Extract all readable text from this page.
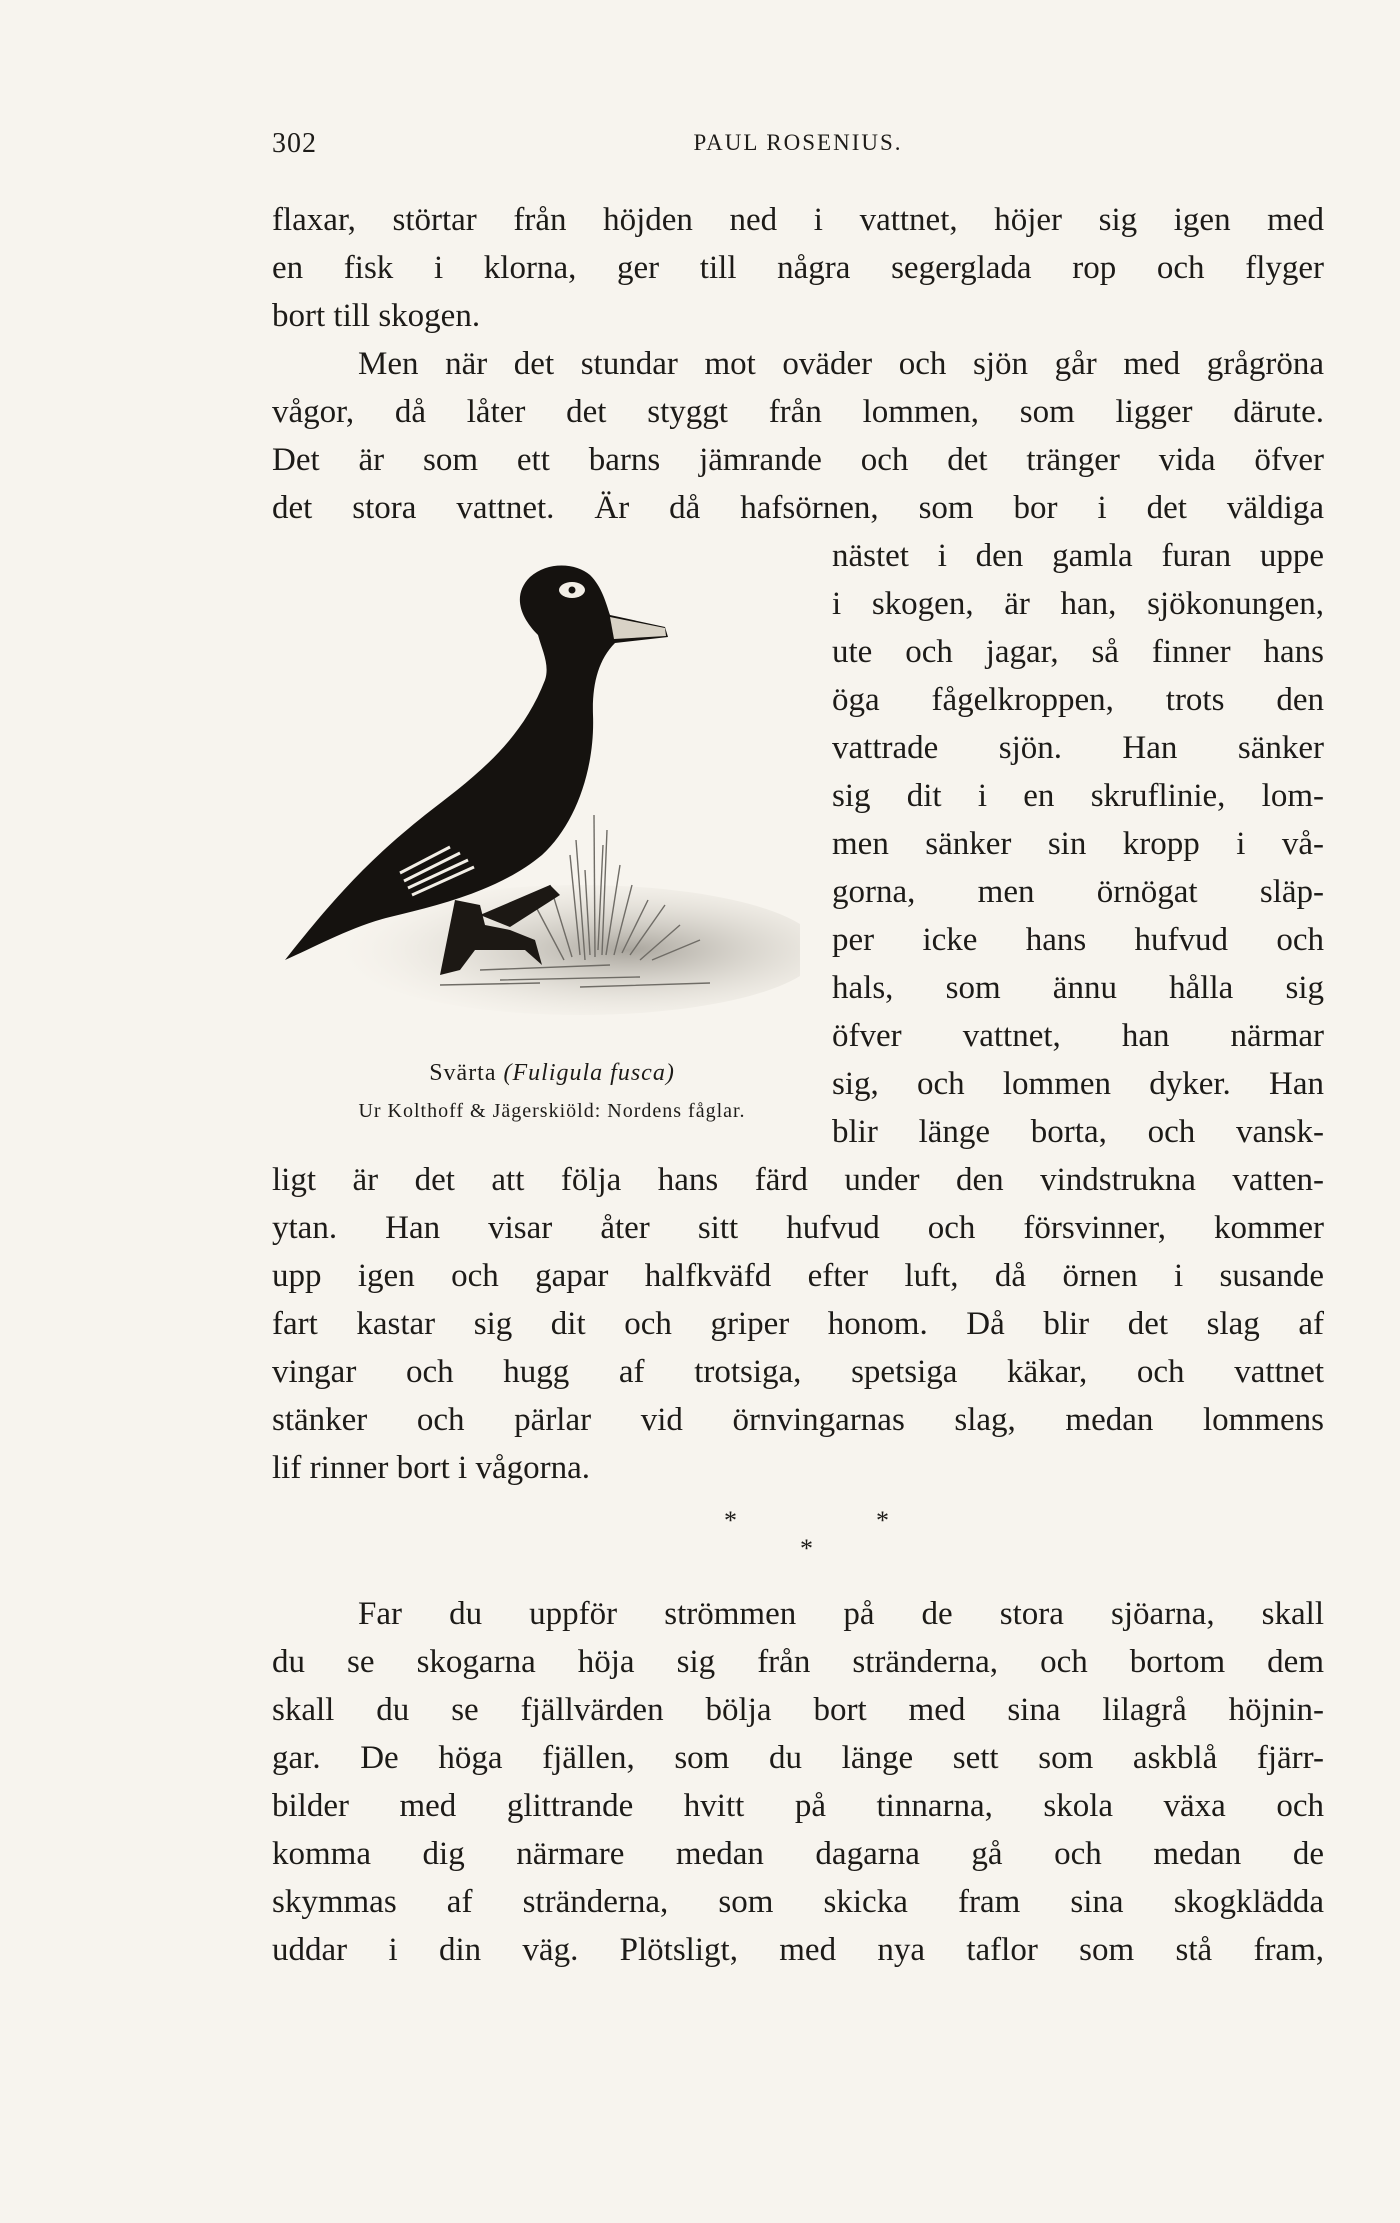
302	PAUL ROSENIUS.
flaxar, störtar från höjden ned i vattnet, höjer sig igen med
en fisk i klorna, ger till några segerglada rop och flyger
bort till skogen.
Men när det stundar mot oväder och sjön går med grågröna
vågor, då låter det styggt från lommen, som ligger därute.
Det är som ett barns jämrande och det tränger vida öfver
det stora vattnet. Är då hafsörnen, som bor i det väldiga
nästet i den gamla furan uppe
i skogen, är han, sjökonungen,
ute och jagar, så finner hans
öga fågelkroppen, trots den
vattrade sjön. Han sänker
sig dit i en skruflinie, lom-
men sänker sin kropp i vå-
gorna, men örnögat släp-
per icke hans hufvud och
hals, som ännu hålla sig
öfver vattnet, han närmar
sig, och lommen dyker. Han
blir länge borta, och vansk-
ligt är det att följa hans färd under den vindstrukna vatten-
ytan. Han visar åter sitt hufvud och försvinner, kommer
upp igen och gapar halfkväfd efter luft, då örnen i susande
fart kastar sig dit och griper honom. Då blir det slag af
vingar och hugg af trotsiga, spetsiga käkar, och vattnet
stänker och pärlar vid örnvingarnas slag, medan lommens
lif rinner bort i vågorna.
*	*
*
Far du uppför strömmen på de stora sjöarna, skall
du se skogarna höja sig från stränderna, och bortom dem
skall du se fjällvärden bölja bort med sina lilagrå höjnin-
gar. De höga fjällen, som du länge sett som askblå fjärr-
bilder med glittrande hvitt på tinnarna, skola växa och
komma dig närmare medan dagarna gå och medan de
skymmas af stränderna, som skicka fram sina skogklädda
uddar i din väg. Plötsligt, med nya taflor som stå fram,
Svärta (Fuligula fusca)
Ur Kolthoff & Jägerskiöld: Nordens fåglar.
